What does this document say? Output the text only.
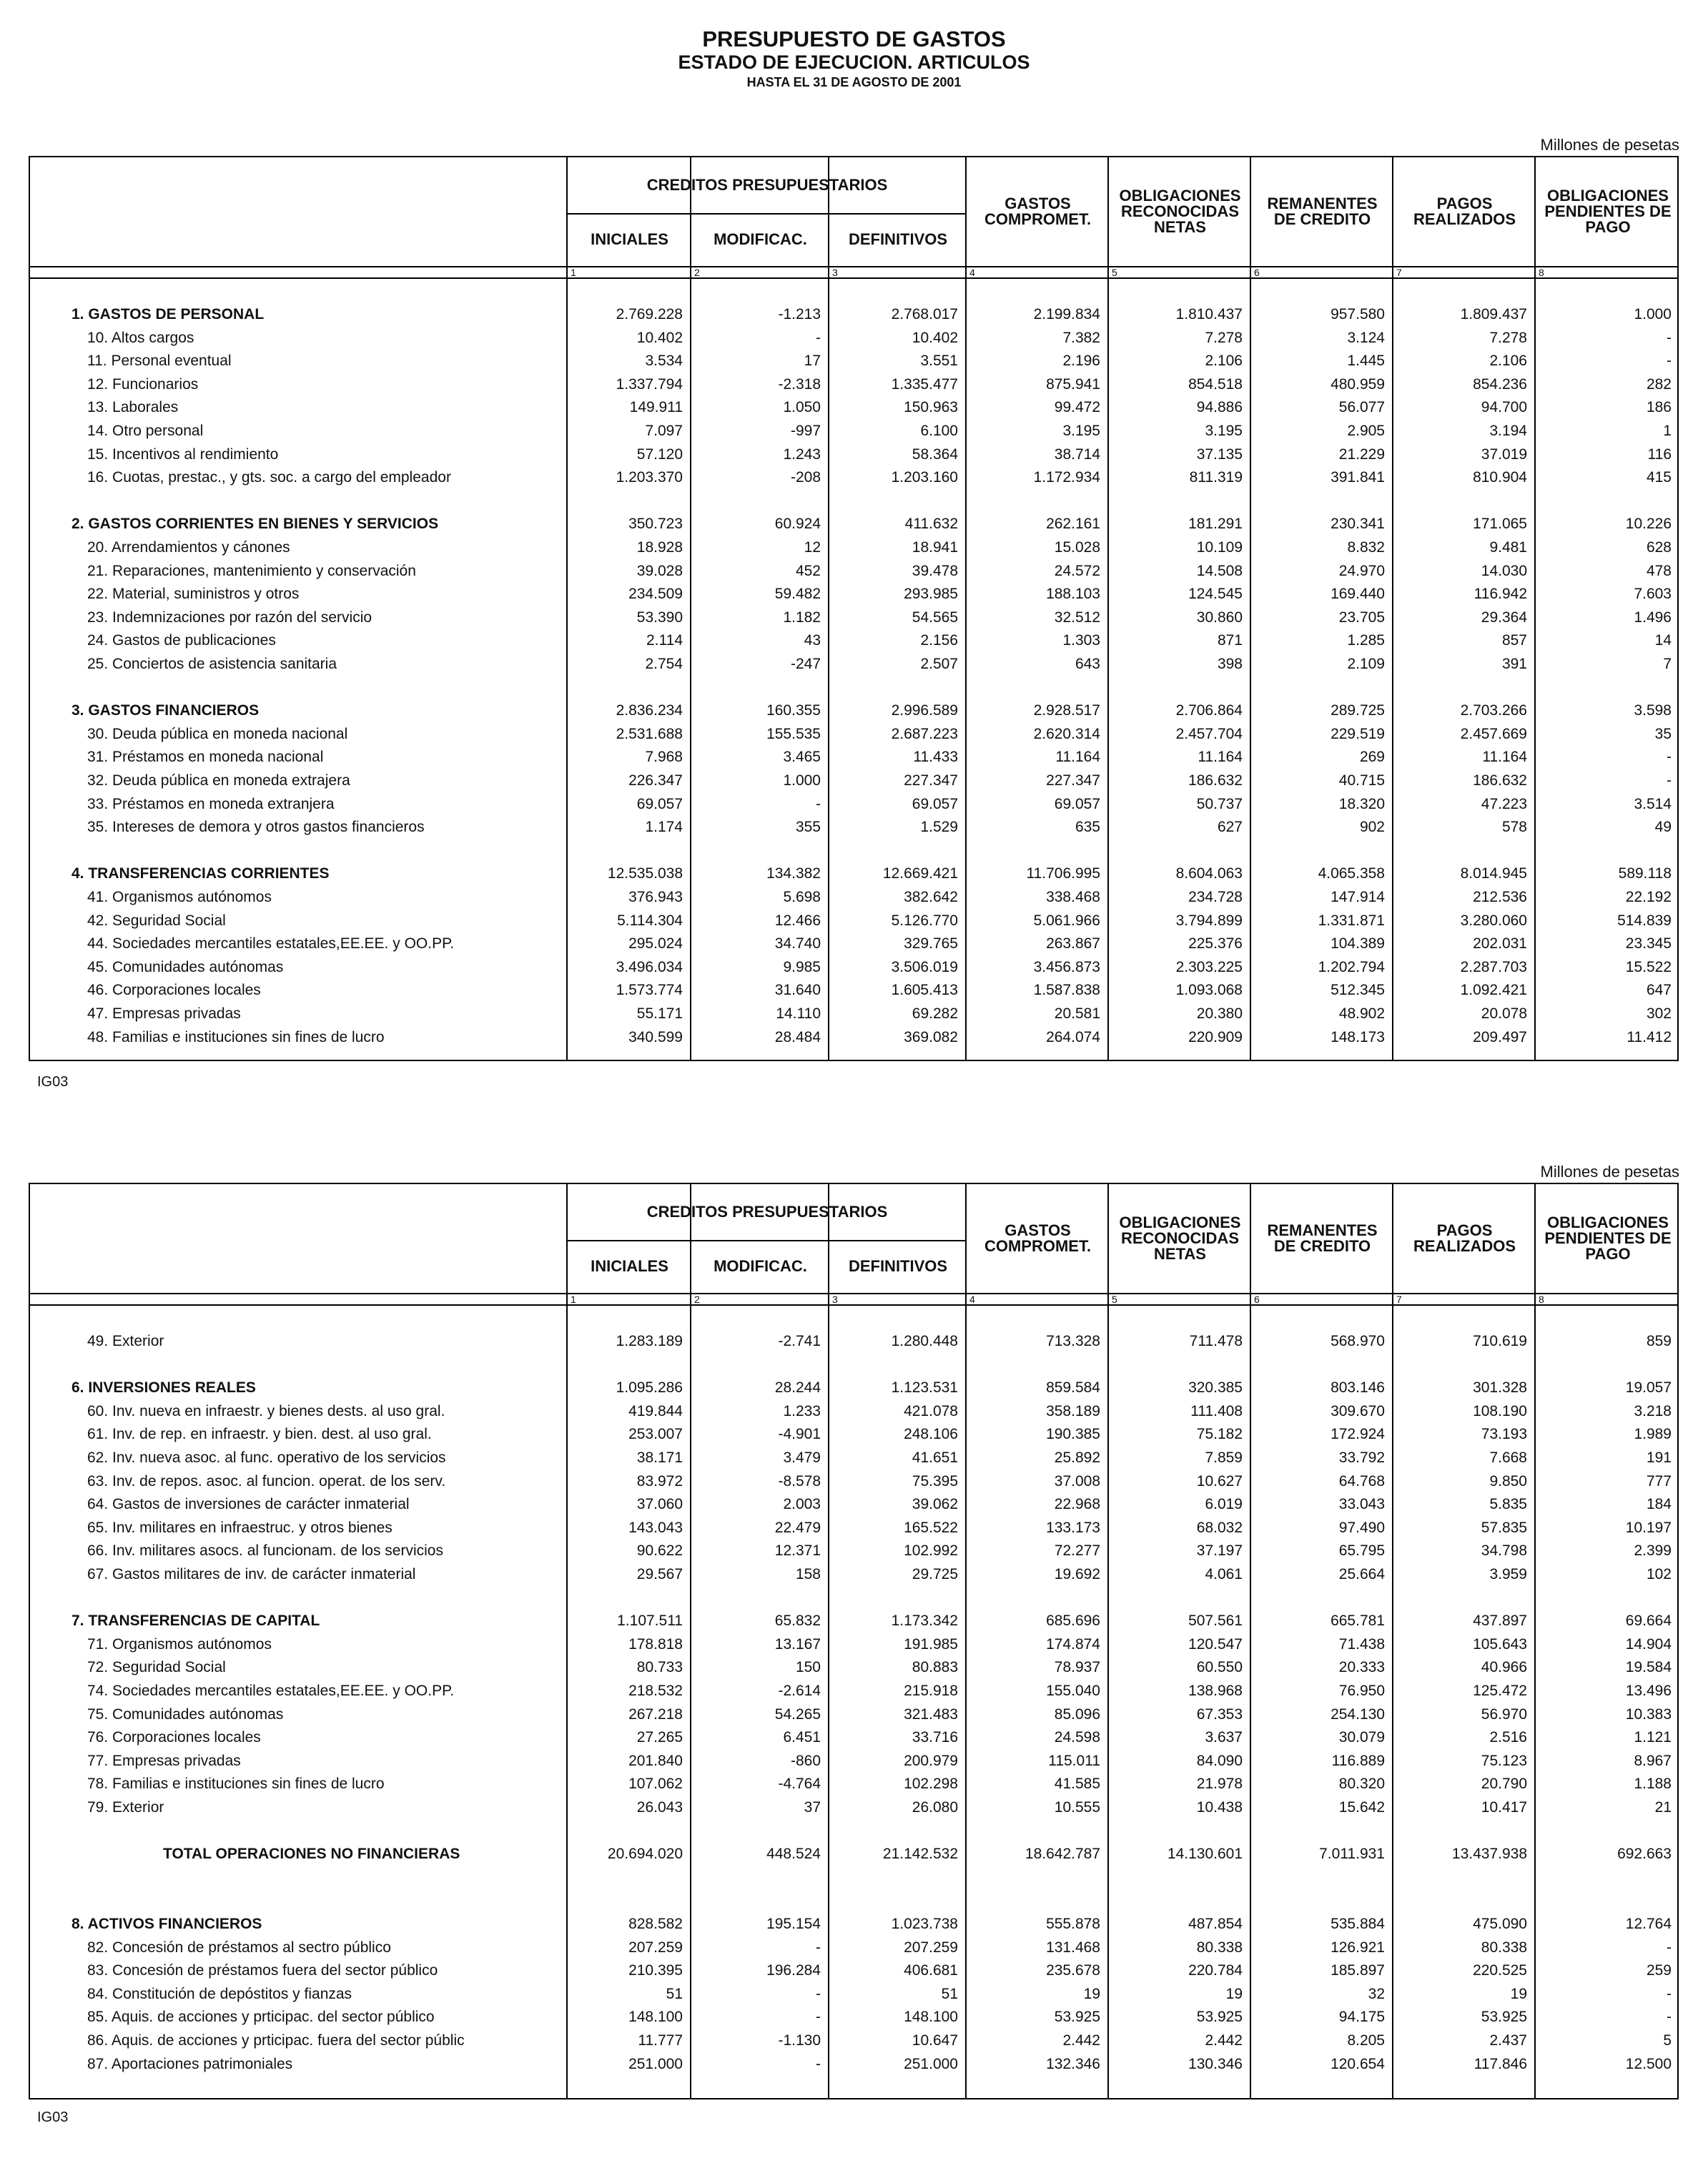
PRESUPUESTO DE GASTOS
ESTADO DE EJECUCION. ARTICULOS
HASTA EL 31 DE AGOSTO DE 2001
Millones de pesetas
Millones de pesetas
CREDITOS PRESUPUESTARIOS
INICIALES	MODIFICAC.	DEFINITIVOS
GASTOS
COMPROMET.
OBLIGACIONES
RECONOCIDAS
NETAS
REMANENTES
DE CREDITO
PAGOS
REALIZADOS
OBLIGACIONES
PENDIENTES DE
PAGO
1	2	3	4	5	6	7	8
1. GASTOS DE PERSONAL	2.769.228	-1.213	2.768.017	2.199.834	1.810.437	957.580	1.809.437	1.000
10. Altos cargos	10.402	-	10.402	7.382	7.278	3.124	7.278	-
11. Personal eventual	3.534	17	3.551	2.196	2.106	1.445	2.106	-
12. Funcionarios	1.337.794	-2.318	1.335.477	875.941	854.518	480.959	854.236	282
13. Laborales	149.911	1.050	150.963	99.472	94.886	56.077	94.700	186
14. Otro personal	7.097	-997	6.100	3.195	3.195	2.905	3.194	1
15. Incentivos al rendimiento	57.120	1.243	58.364	38.714	37.135	21.229	37.019	116
16. Cuotas, prestac., y gts. soc. a cargo del empleador	1.203.370	-208	1.203.160	1.172.934	811.319	391.841	810.904	415
2. GASTOS CORRIENTES EN BIENES Y SERVICIOS	350.723	60.924	411.632	262.161	181.291	230.341	171.065	10.226
20. Arrendamientos y cánones	18.928	12	18.941	15.028	10.109	8.832	9.481	628
21. Reparaciones, mantenimiento y conservación	39.028	452	39.478	24.572	14.508	24.970	14.030	478
22. Material, suministros y otros	234.509	59.482	293.985	188.103	124.545	169.440	116.942	7.603
23. Indemnizaciones por razón del servicio	53.390	1.182	54.565	32.512	30.860	23.705	29.364	1.496
24. Gastos de publicaciones	2.114	43	2.156	1.303	871	1.285	857	14
25. Conciertos de asistencia sanitaria	2.754	-247	2.507	643	398	2.109	391	7
3. GASTOS FINANCIEROS	2.836.234	160.355	2.996.589	2.928.517	2.706.864	289.725	2.703.266	3.598
30. Deuda pública en moneda nacional	2.531.688	155.535	2.687.223	2.620.314	2.457.704	229.519	2.457.669	35
31. Préstamos en moneda nacional	7.968	3.465	11.433	11.164	11.164	269	11.164	-
32. Deuda pública en moneda extrajera	226.347	1.000	227.347	227.347	186.632	40.715	186.632	-
33. Préstamos en moneda extranjera	69.057	-	69.057	69.057	50.737	18.320	47.223	3.514
35. Intereses de demora y otros gastos financieros	1.174	355	1.529	635	627	902	578	49
4. TRANSFERENCIAS CORRIENTES	12.535.038	134.382	12.669.421	11.706.995	8.604.063	4.065.358	8.014.945	589.118
41. Organismos autónomos	376.943	5.698	382.642	338.468	234.728	147.914	212.536	22.192
42. Seguridad Social	5.114.304	12.466	5.126.770	5.061.966	3.794.899	1.331.871	3.280.060	514.839
44. Sociedades mercantiles estatales,EE.EE. y OO.PP.	295.024	34.740	329.765	263.867	225.376	104.389	202.031	23.345
45. Comunidades autónomas	3.496.034	9.985	3.506.019	3.456.873	2.303.225	1.202.794	2.287.703	15.522
46. Corporaciones locales	1.573.774	31.640	1.605.413	1.587.838	1.093.068	512.345	1.092.421	647
47. Empresas privadas	55.171	14.110	69.282	20.581	20.380	48.902	20.078	302
48. Familias e instituciones sin fines de lucro	340.599	28.484	369.082	264.074	220.909	148.173	209.497	11.412
CREDITOS PRESUPUESTARIOS
INICIALES	MODIFICAC.	DEFINITIVOS
GASTOS
COMPROMET.
OBLIGACIONES
RECONOCIDAS
NETAS
REMANENTES
DE CREDITO
PAGOS
REALIZADOS
OBLIGACIONES
PENDIENTES DE
PAGO
1	2	3	4	5	6	7	8
49. Exterior	1.283.189	-2.741	1.280.448	713.328	711.478	568.970	710.619	859
6. INVERSIONES REALES	1.095.286	28.244	1.123.531	859.584	320.385	803.146	301.328	19.057
60. Inv. nueva en infraestr. y bienes dests. al uso gral.	419.844	1.233	421.078	358.189	111.408	309.670	108.190	3.218
61. Inv. de rep. en infraestr. y bien. dest. al uso gral.	253.007	-4.901	248.106	190.385	75.182	172.924	73.193	1.989
62. Inv. nueva asoc. al func. operativo de los servicios	38.171	3.479	41.651	25.892	7.859	33.792	7.668	191
63. Inv. de repos. asoc. al funcion. operat. de los serv.	83.972	-8.578	75.395	37.008	10.627	64.768	9.850	777
64. Gastos de inversiones de carácter inmaterial	37.060	2.003	39.062	22.968	6.019	33.043	5.835	184
65. Inv. militares en infraestruc. y otros bienes	143.043	22.479	165.522	133.173	68.032	97.490	57.835	10.197
66. Inv. militares asocs. al funcionam. de los servicios	90.622	12.371	102.992	72.277	37.197	65.795	34.798	2.399
67. Gastos militares de inv. de carácter inmaterial	29.567	158	29.725	19.692	4.061	25.664	3.959	102
7. TRANSFERENCIAS DE CAPITAL	1.107.511	65.832	1.173.342	685.696	507.561	665.781	437.897	69.664
71. Organismos autónomos	178.818	13.167	191.985	174.874	120.547	71.438	105.643	14.904
72. Seguridad Social	80.733	150	80.883	78.937	60.550	20.333	40.966	19.584
74. Sociedades mercantiles estatales,EE.EE. y OO.PP.	218.532	-2.614	215.918	155.040	138.968	76.950	125.472	13.496
75. Comunidades autónomas	267.218	54.265	321.483	85.096	67.353	254.130	56.970	10.383
76. Corporaciones locales	27.265	6.451	33.716	24.598	3.637	30.079	2.516	1.121
77. Empresas privadas	201.840	-860	200.979	115.011	84.090	116.889	75.123	8.967
78. Familias e instituciones sin fines de lucro	107.062	-4.764	102.298	41.585	21.978	80.320	20.790	1.188
79. Exterior	26.043	37	26.080	10.555	10.438	15.642	10.417	21
TOTAL OPERACIONES NO FINANCIERAS	20.694.020	448.524	21.142.532	18.642.787	14.130.601	7.011.931	13.437.938	692.663
8. ACTIVOS FINANCIEROS	828.582	195.154	1.023.738	555.878	487.854	535.884	475.090	12.764
82. Concesión de préstamos al sectro público	207.259	-	207.259	131.468	80.338	126.921	80.338	-
83. Concesión de préstamos fuera del sector público	210.395	196.284	406.681	235.678	220.784	185.897	220.525	259
84. Constitución de depóstitos y fianzas	51	-	51	19	19	32	19	-
85. Aquis. de acciones y prticipac. del sector público	148.100	-	148.100	53.925	53.925	94.175	53.925	-
86. Aquis. de acciones y prticipac. fuera del sector públic	11.777	-1.130	10.647	2.442	2.442	8.205	2.437	5
87. Aportaciones patrimoniales	251.000	-	251.000	132.346	130.346	120.654	117.846	12.500
IG03
IG03
